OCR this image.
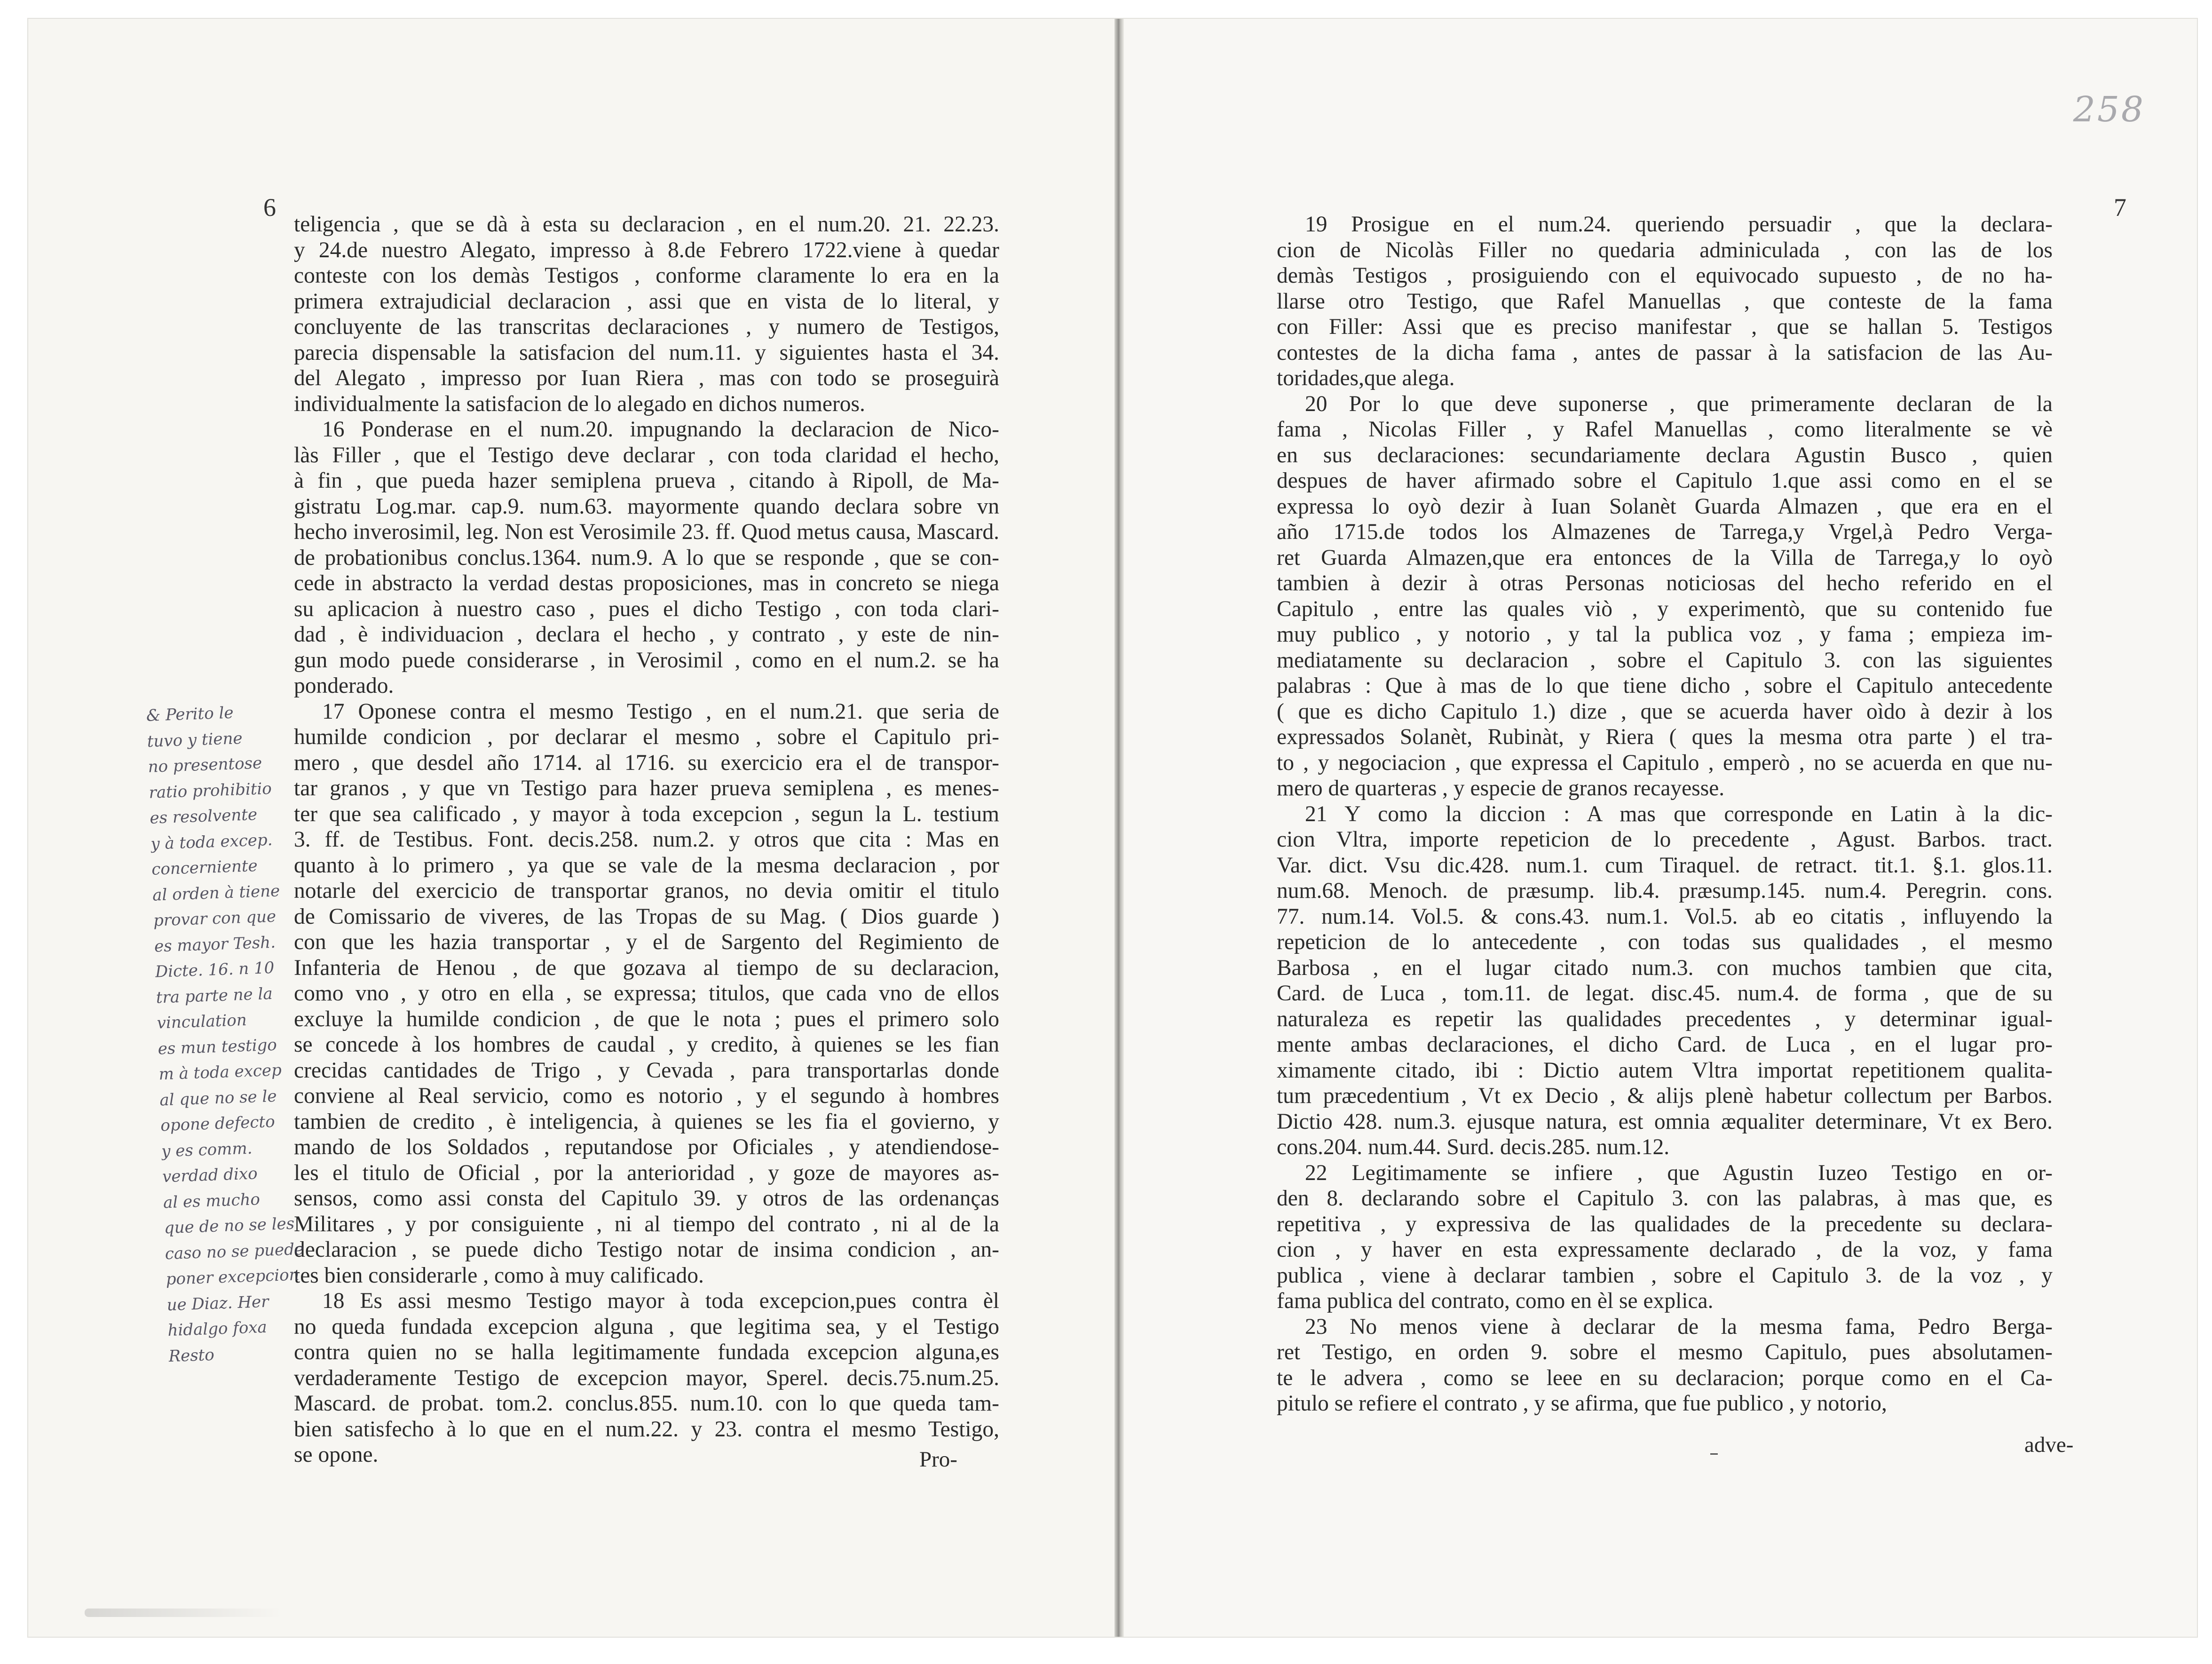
6

teligencia , que se dà à esta su declaracion , en el num.20. 21. 22.23.

y 24.de nuestro Alegato, impresso à 8.de Febrero 1722.viene à quedar

conteste con los demàs Testigos , conforme claramente lo era en la

primera extrajudicial declaracion , assi que en vista de lo literal, y

concluyente de las transcritas declaraciones , y numero de Testigos,

parecia dispensable la satisfacion del num.11. y siguientes hasta el 34.

del Alegato , impresso por Iuan Riera , mas con todo se proseguirà

individualmente la satisfacion de lo alegado en dichos numeros.

16 Ponderase en el num.20. impugnando la declaracion de Nico-

làs Filler , que el Testigo deve declarar , con toda claridad el hecho,

à fin , que pueda hazer semiplena prueva , citando à Ripoll, de Ma-

gistratu Log.mar. cap.9. num.63. mayormente quando declara sobre vn

hecho inverosimil, leg. Non est Verosimile 23. ff. Quod metus causa, Mascard.

de probationibus conclus.1364. num.9. A lo que se responde , que se con-

cede in abstracto la verdad destas proposiciones, mas in concreto se niega

su aplicacion à nuestro caso , pues el dicho Testigo , con toda clari-

dad , è individuacion , declara el hecho , y contrato , y este de nin-

gun modo puede considerarse , in Verosimil , como en el num.2. se ha

ponderado.

17 Oponese contra el mesmo Testigo , en el num.21. que seria de

humilde condicion , por declarar el mesmo , sobre el Capitulo pri-

mero , que desdel año 1714. al 1716. su exercicio era el de transpor-

tar granos , y que vn Testigo para hazer prueva semiplena , es menes-

ter que sea calificado , y mayor à toda excepcion , segun la L. testium

3. ff. de Testibus. Font. decis.258. num.2. y otros que cita : Mas en

quanto à lo primero , ya que se vale de la mesma declaracion , por

notarle del exercicio de transportar granos, no devia omitir el titulo

de Comissario de viveres, de las Tropas de su Mag. ( Dios guarde )

con que les hazia transportar , y el de Sargento del Regimiento de

Infanteria de Henou , de que gozava al tiempo de su declaracion,

como vno , y otro en ella , se expressa; titulos, que cada vno de ellos

excluye la humilde condicion , de que le nota ; pues el primero solo

se concede à los hombres de caudal , y credito, à quienes se les fian

crecidas cantidades de Trigo , y Cevada , para transportarlas donde

conviene al Real servicio, como es notorio , y el segundo à hombres

tambien de credito , è inteligencia, à quienes se les fia el govierno, y

mando de los Soldados , reputandose por Oficiales , y atendiendose-

les el titulo de Oficial , por la anterioridad , y goze de mayores as-

sensos, como assi consta del Capitulo 39. y otros de las ordenanças

Militares , y por consiguiente , ni al tiempo del contrato , ni al de la

declaracion , se puede dicho Testigo notar de insima condicion , an-

tes bien considerarle , como à muy calificado.

18 Es assi mesmo Testigo mayor à toda excepcion,pues contra èl

no queda fundada excepcion alguna , que legitima sea, y el Testigo

contra quien no se halla legitimamente fundada excepcion alguna,es

verdaderamente Testigo de excepcion mayor, Sperel. decis.75.num.25.

Mascard. de probat. tom.2. conclus.855. num.10. con lo que queda tam-

bien satisfecho à lo que en el num.22. y 23. contra el mesmo Testigo,

se opone.	Pro-
& Perito le
tuvo y tiene
no presentose
ratio prohibitio
es resolvente
y à toda excep.
concerniente
al orden à tiene
provar con que
es mayor Tesh.
Dicte. 16. n 10
tra parte ne la
vinculation
es mun testigo
m à toda excep
al que no se le
opone defecto
y es comm.
verdad dixo
al es mucho
que de no se les
caso no se puede
poner excepcion
ue Diaz. Her
hidalgo foxa
Resto
258
7

19 Prosigue en el num.24. queriendo persuadir , que la declara-

cion de Nicolàs Filler no quedaria adminiculada , con las de los

demàs Testigos , prosiguiendo con el equivocado supuesto , de no ha-

llarse otro Testigo, que Rafel Manuellas , que conteste de la fama

con Filler: Assi que es preciso manifestar , que se hallan 5. Testigos

contestes de la dicha fama , antes de passar à la satisfacion de las Au-

toridades,que alega.

20 Por lo que deve suponerse , que primeramente declaran de la

fama , Nicolas Filler , y Rafel Manuellas , como literalmente se vè

en sus declaraciones: secundariamente declara Agustin Busco , quien

despues de haver afirmado sobre el Capitulo 1.que assi como en el se

expressa lo oyò dezir à Iuan Solanèt Guarda Almazen , que era en el

año 1715.de todos los Almazenes de Tarrega,y Vrgel,à Pedro Verga-

ret Guarda Almazen,que era entonces de la Villa de Tarrega,y lo oyò

tambien à dezir à otras Personas noticiosas del hecho referido en el

Capitulo , entre las quales viò , y experimentò, que su contenido fue

muy publico , y notorio , y tal la publica voz , y fama ; empieza im-

mediatamente su declaracion , sobre el Capitulo 3. con las siguientes

palabras : Que à mas de lo que tiene dicho , sobre el Capitulo antecedente

( que es dicho Capitulo 1.) dize , que se acuerda haver oìdo à dezir à los

expressados Solanèt, Rubinàt, y Riera ( ques la mesma otra parte ) el tra-

to , y negociacion , que expressa el Capitulo , emperò , no se acuerda en que nu-

mero de quarteras , y especie de granos recayesse.

21 Y como la diccion : A mas que corresponde en Latin à la dic-

cion Vltra, importe repeticion de lo precedente , Agust. Barbos. tract.

Var. dict. Vsu dic.428. num.1. cum Tiraquel. de retract. tit.1. §.1. glos.11.

num.68. Menoch. de præsump. lib.4. præsump.145. num.4. Peregrin. cons.

77. num.14. Vol.5. & cons.43. num.1. Vol.5. ab eo citatis , influyendo la

repeticion de lo antecedente , con todas sus qualidades , el mesmo

Barbosa , en el lugar citado num.3. con muchos tambien que cita,

Card. de Luca , tom.11. de legat. disc.45. num.4. de forma , que de su

naturaleza es repetir las qualidades precedentes , y determinar igual-

mente ambas declaraciones, el dicho Card. de Luca , en el lugar pro-

ximamente citado, ibi : Dictio autem Vltra importat repetitionem qualita-

tum præcedentium , Vt ex Decio , & alijs plenè habetur collectum per Barbos.

Dictio 428. num.3. ejusque natura, est omnia æqualiter determinare, Vt ex Bero.

cons.204. num.44. Surd. decis.285. num.12.

22 Legitimamente se infiere , que Agustin Iuzeo Testigo en or-

den 8. declarando sobre el Capitulo 3. con las palabras, à mas que, es

repetitiva , y expressiva de las qualidades de la precedente su declara-

cion , y haver en esta expressamente declarado , de la voz, y fama

publica , viene à declarar tambien , sobre el Capitulo 3. de la voz , y

fama publica del contrato, como en èl se explica.

23 No menos viene à declarar de la mesma fama, Pedro Berga-

ret Testigo, en orden 9. sobre el mesmo Capitulo, pues absolutamen-

te le advera , como se leee en su declaracion; porque como en el Ca-

pitulo se refiere el contrato , y se afirma, que fue publico , y notorio,

adve-
